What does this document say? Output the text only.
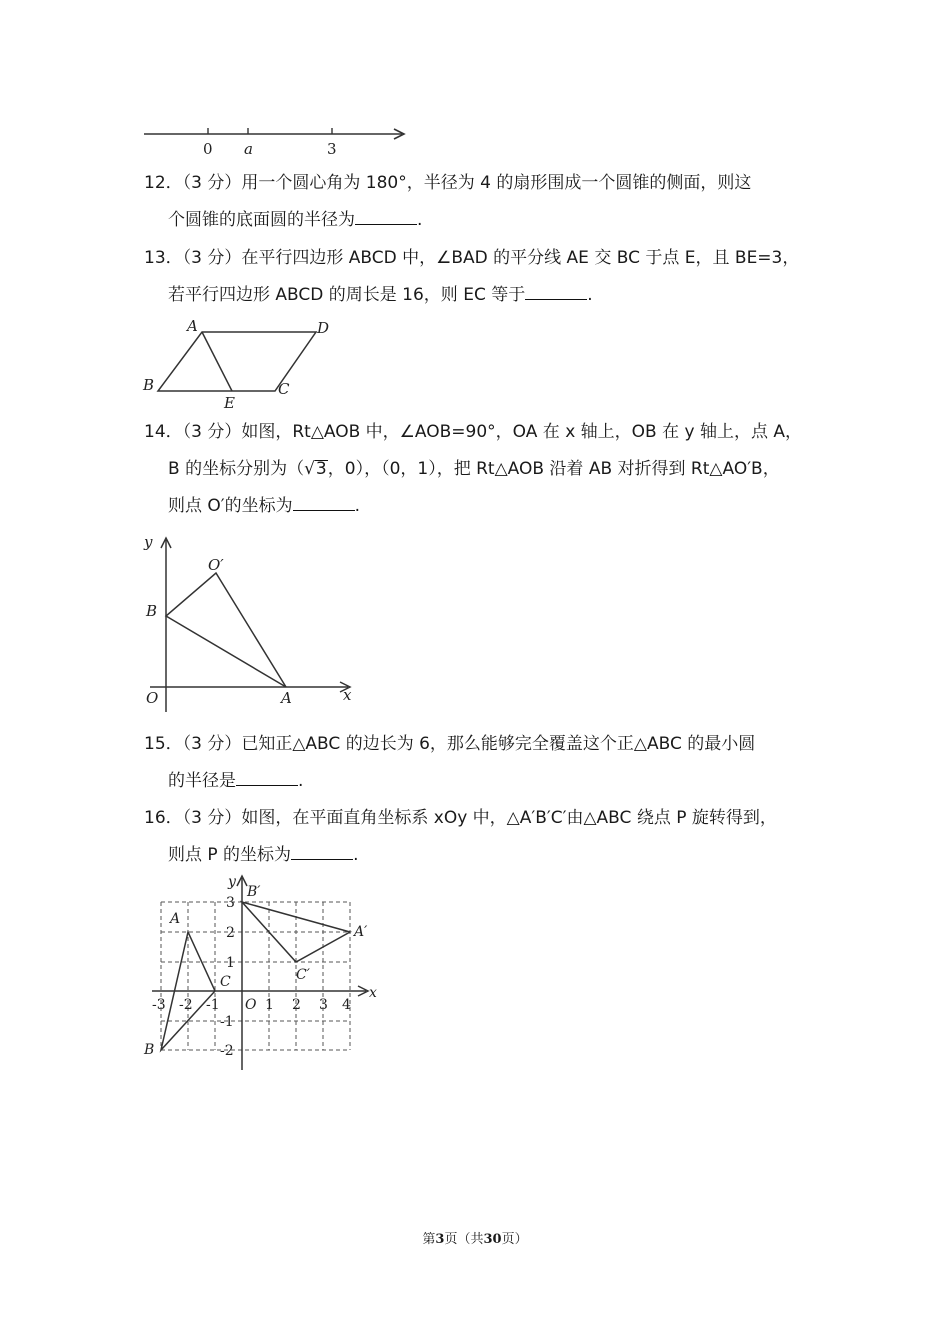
0 a	3
12．（3 分）用一个圆心角为 180°，半径为 4 的扇形围成一个圆锥的侧面，则这
个圆锥的底面圆的半径为	.
13．（3 分）在平行四边形 ABCD 中，∠BAD 的平分线 AE 交 BC 于点 E，且 BE=3，
若平行四边形 ABCD 的周长是 16，则 EC 等于	.
A	D
B
E
C
14．（3 分）如图，Rt△AOB 中，∠AOB=90°，OA 在 x 轴上，OB 在 y 轴上，点 A，
B 的坐标分别为（√3，0），（0，1），把 Rt△AOB 沿着 AB 对折得到 Rt△AO′B，
则点 O′的坐标为	.
y
O′
B
O	A	x
15．（3 分）已知正△ABC 的边长为 6，那么能够完全覆盖这个正△ABC 的最小圆
的半径是	.
16．（3 分）如图，在平面直角坐标系 xOy 中，△A′B′C′由△ABC 绕点 P 旋转得到，
则点 P 的坐标为	.
y
x
O
-3 -2 -1	1 2 3 4
3
2
1
-1
-2
A
B
C
A′
B′
C′
第3页（共30页）
